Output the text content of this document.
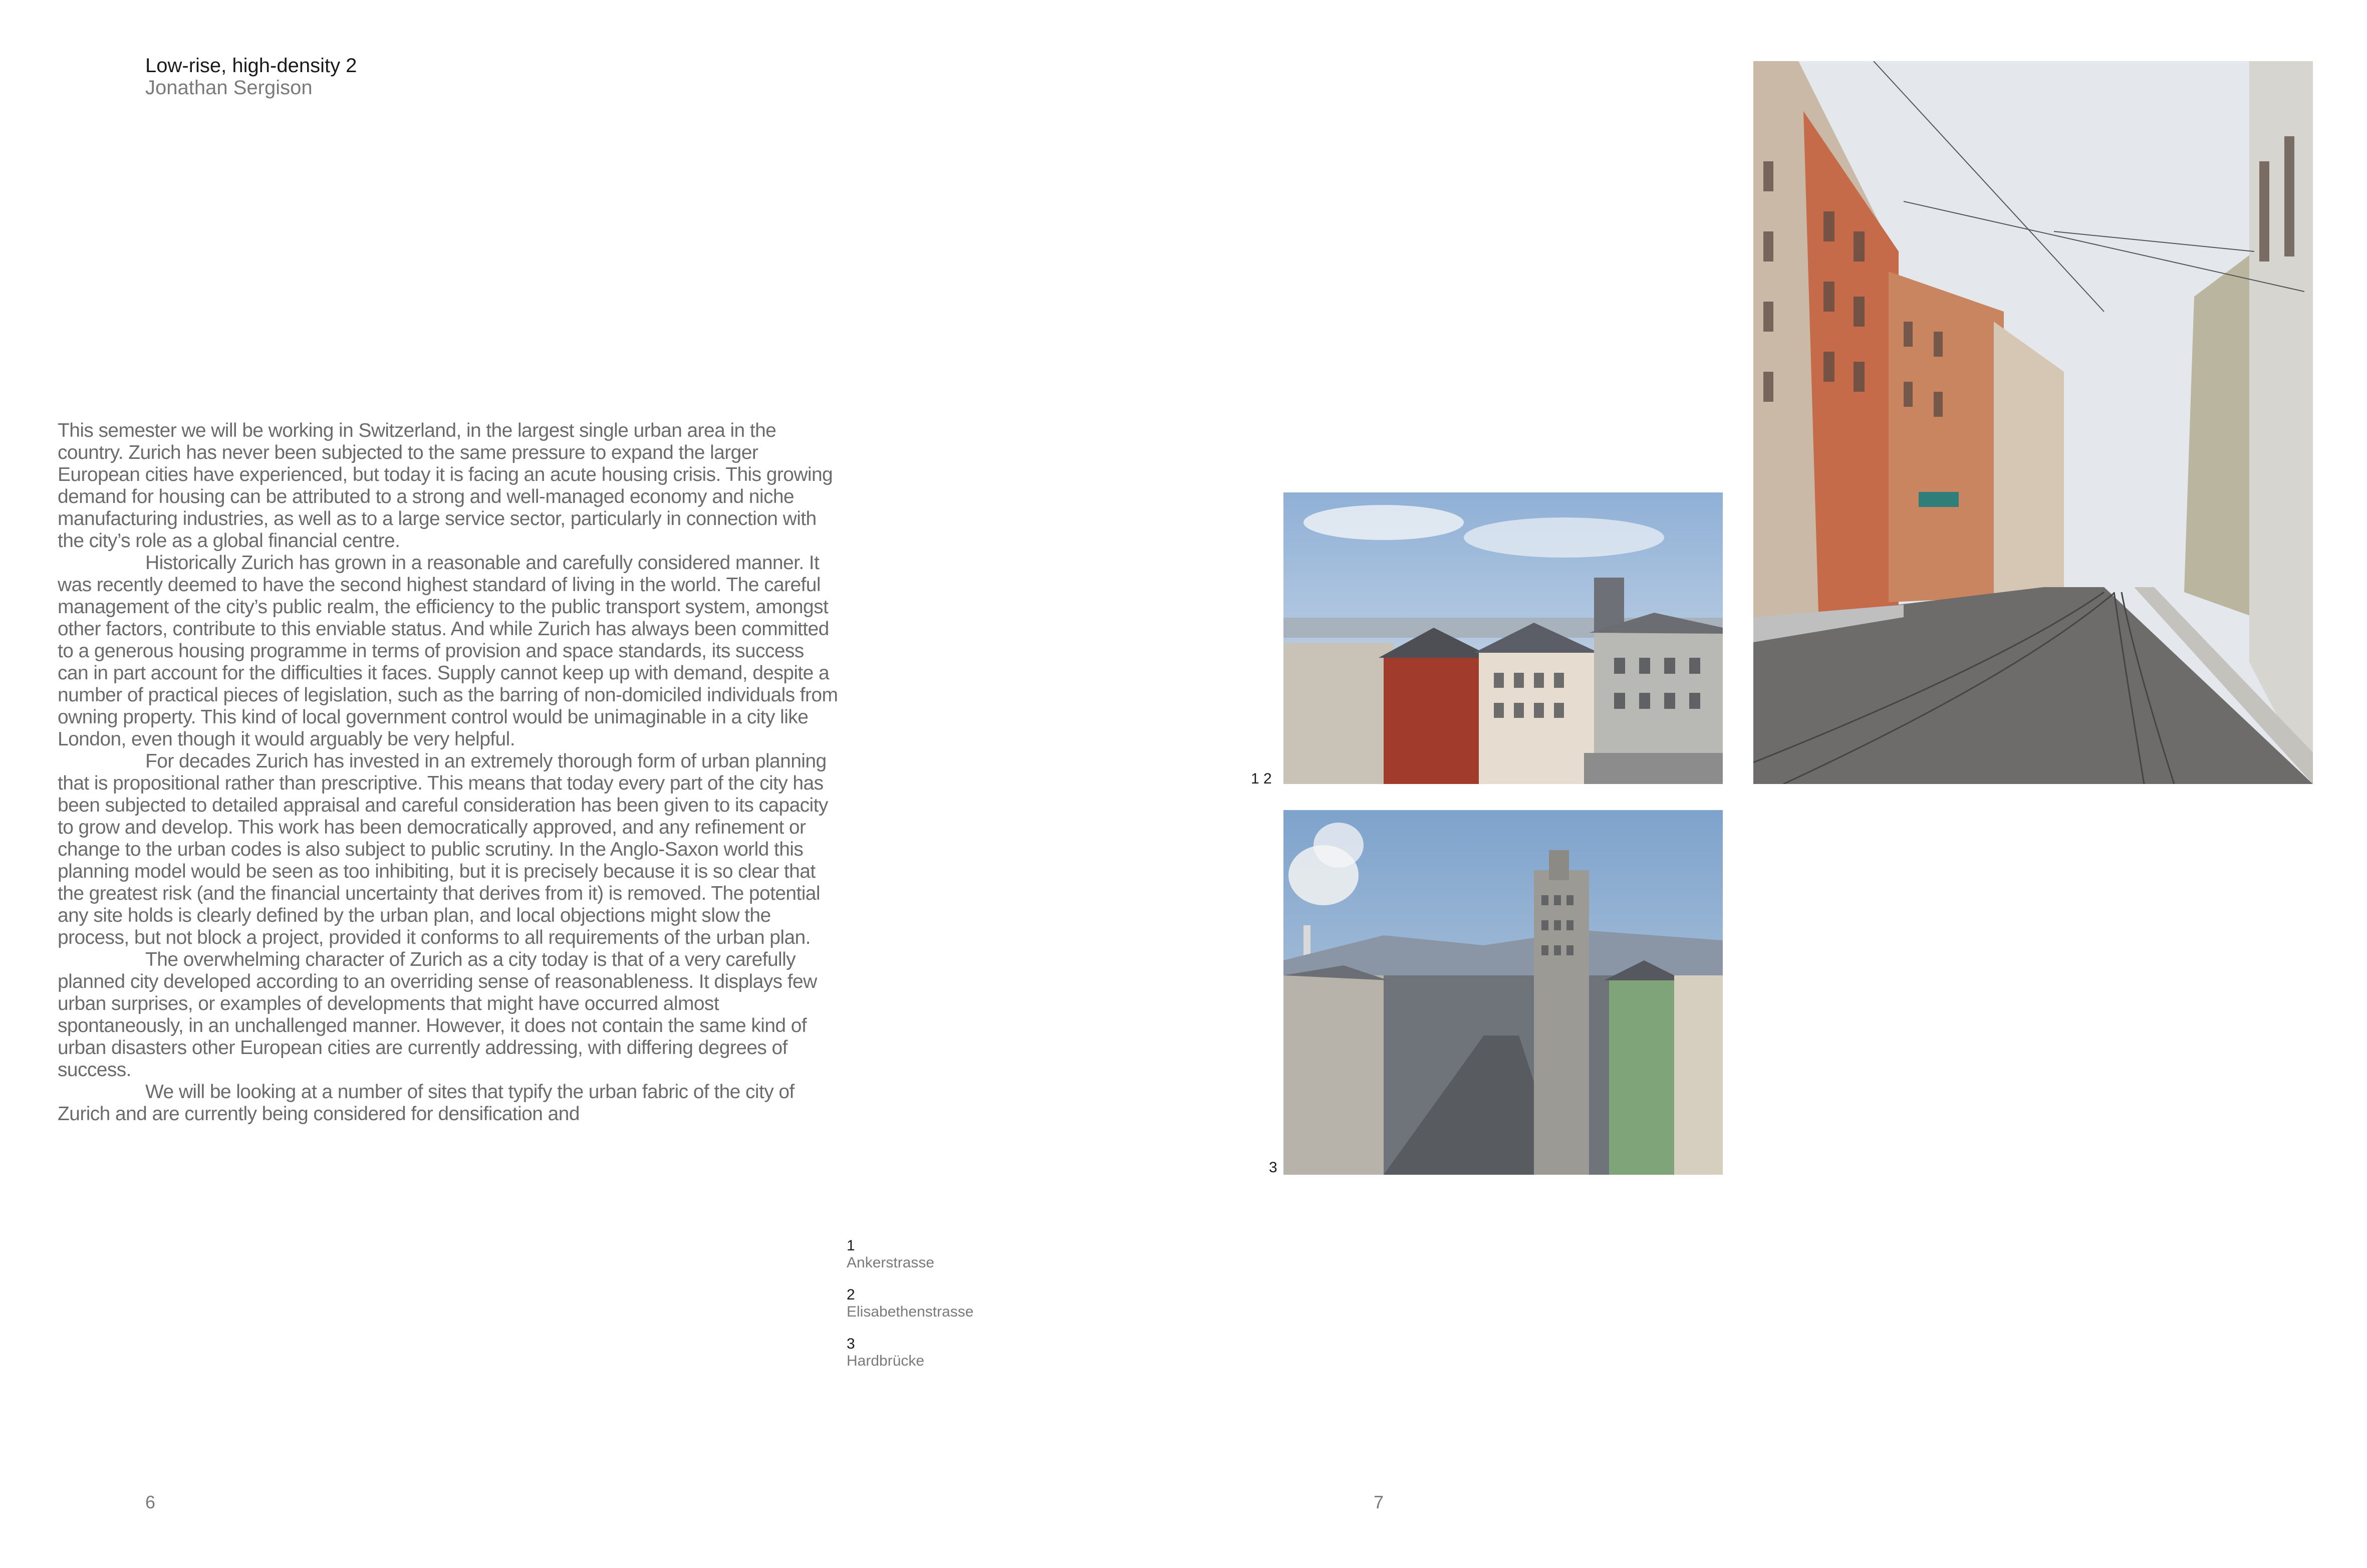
Low-rise, high-density 2
Jonathan Sergison

This semester we will be working in Switzerland, in the largest single urban area in the country. Zurich has never been subjected to the same pressure to expand the larger European cities have experienced, but today it is facing an acute housing crisis. This growing demand for housing can be attributed to a strong and well-managed economy and niche manufacturing industries, as well as to a large service sector, particularly in connection with the city’s role as a global financial centre.

Historically Zurich has grown in a reasonable and carefully considered manner. It was recently deemed to have the second highest standard of living in the world. The careful management of the city’s public realm, the efficiency to the public transport system, amongst other factors, contribute to this enviable status. And while Zurich has always been committed to a generous housing programme in terms of provision and space standards, its success can in part account for the difficulties it faces. Supply cannot keep up with demand, despite a number of practical pieces of legislation, such as the barring of non-domiciled individuals from owning property. This kind of local government control would be unimaginable in a city like London, even though it would arguably be very helpful.

For decades Zurich has invested in an extremely thorough form of urban planning that is propositional rather than prescriptive. This means that today every part of the city has been subjected to detailed appraisal and careful consideration has been given to its capacity to grow and develop. This work has been democratically approved, and any refinement or change to the urban codes is also subject to public scrutiny. In the Anglo-Saxon world this planning model would be seen as too inhibiting, but it is precisely because it is so clear that the greatest risk (and the financial uncertainty that derives from it) is removed. The potential any site holds is clearly defined by the urban plan, and local objections might slow the process, but not block a project, provided it conforms to all requirements of the urban plan.

The overwhelming character of Zurich as a city today is that of a very carefully planned city developed according to an overriding sense of reasonableness. It displays few urban surprises, or examples of developments that might have occurred almost spontaneously, in an unchallenged manner. However, it does not contain the same kind of urban disasters other European cities are currently addressing, with differing degrees of success.

We will be looking at a number of sites that typify the urban fabric of the city of Zurich and are currently being considered for densification and

1
Ankerstrasse
2
Elisabethenstrasse
3
Hardbrücke
1 2
3
6	7
